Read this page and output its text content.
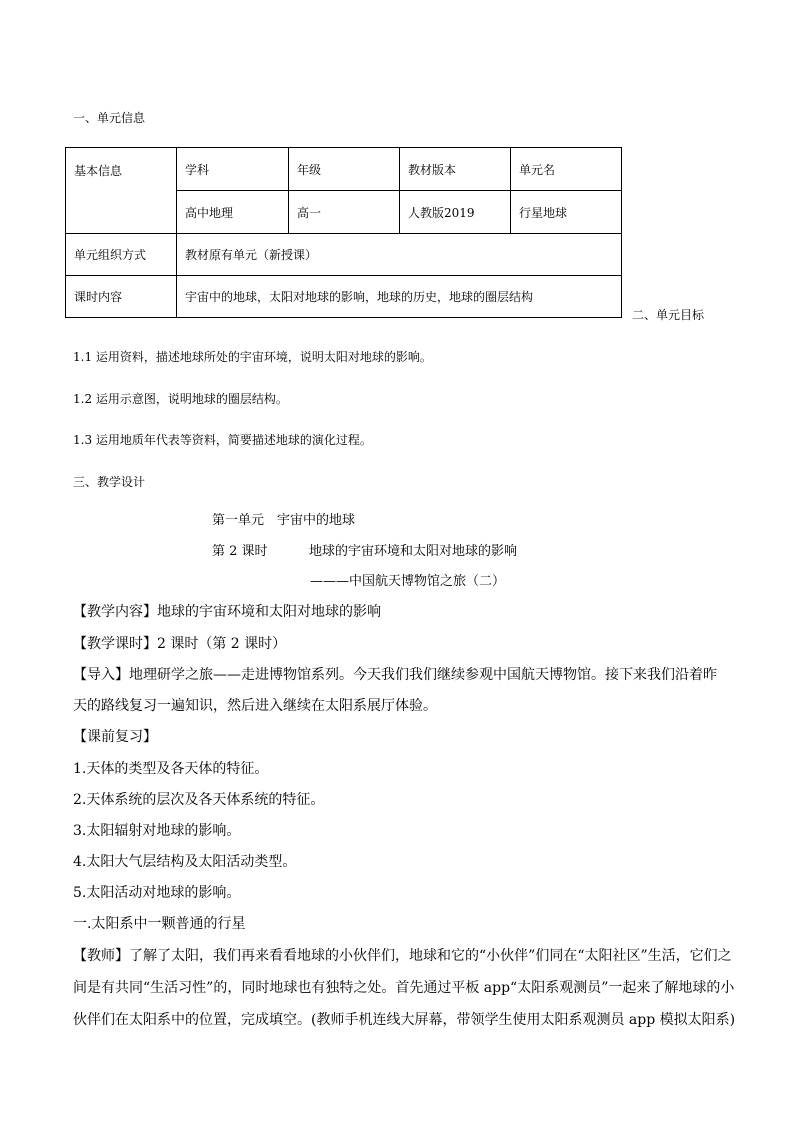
一、单元信息
基本信息	学科	年级	教材版本	单元名
	高中地理	高一	人教版2019	行星地球
单元组织方式	教材原有单元（新授课）			
课时内容	宇宙中的地球，太阳对地球的影响，地球的历史，地球的圈层结构			
二、单元目标
1.1 运用资料，描述地球所处的宇宙环境，说明太阳对地球的影响。
1.2 运用示意图，说明地球的圈层结构。
1.3 运用地质年代表等资料，简要描述地球的演化过程。
三、教学设计
第一单元　宇宙中的地球
第 2 课时	地球的宇宙环境和太阳对地球的影响
———中国航天博物馆之旅（二）
【教学内容】地球的宇宙环境和太阳对地球的影响
【教学课时】2 课时（第 2 课时）
【导入】地理研学之旅——走进博物馆系列。今天我们我们继续参观中国航天博物馆。接下来我们沿着昨
天的路线复习一遍知识，然后进入继续在太阳系展厅体验。
【课前复习】
1.天体的类型及各天体的特征。
2.天体系统的层次及各天体系统的特征。
3.太阳辐射对地球的影响。
4.太阳大气层结构及太阳活动类型。
5.太阳活动对地球的影响。
一.太阳系中一颗普通的行星
【教师】了解了太阳，我们再来看看地球的小伙伴们，地球和它的“小伙伴”们同在“太阳社区”生活，它们之
间是有共同“生活习性”的，同时地球也有独特之处。首先通过平板 app“太阳系观测员”一起来了解地球的小
伙伴们在太阳系中的位置，完成填空。(教师手机连线大屏幕，带领学生使用太阳系观测员 app 模拟太阳系)
